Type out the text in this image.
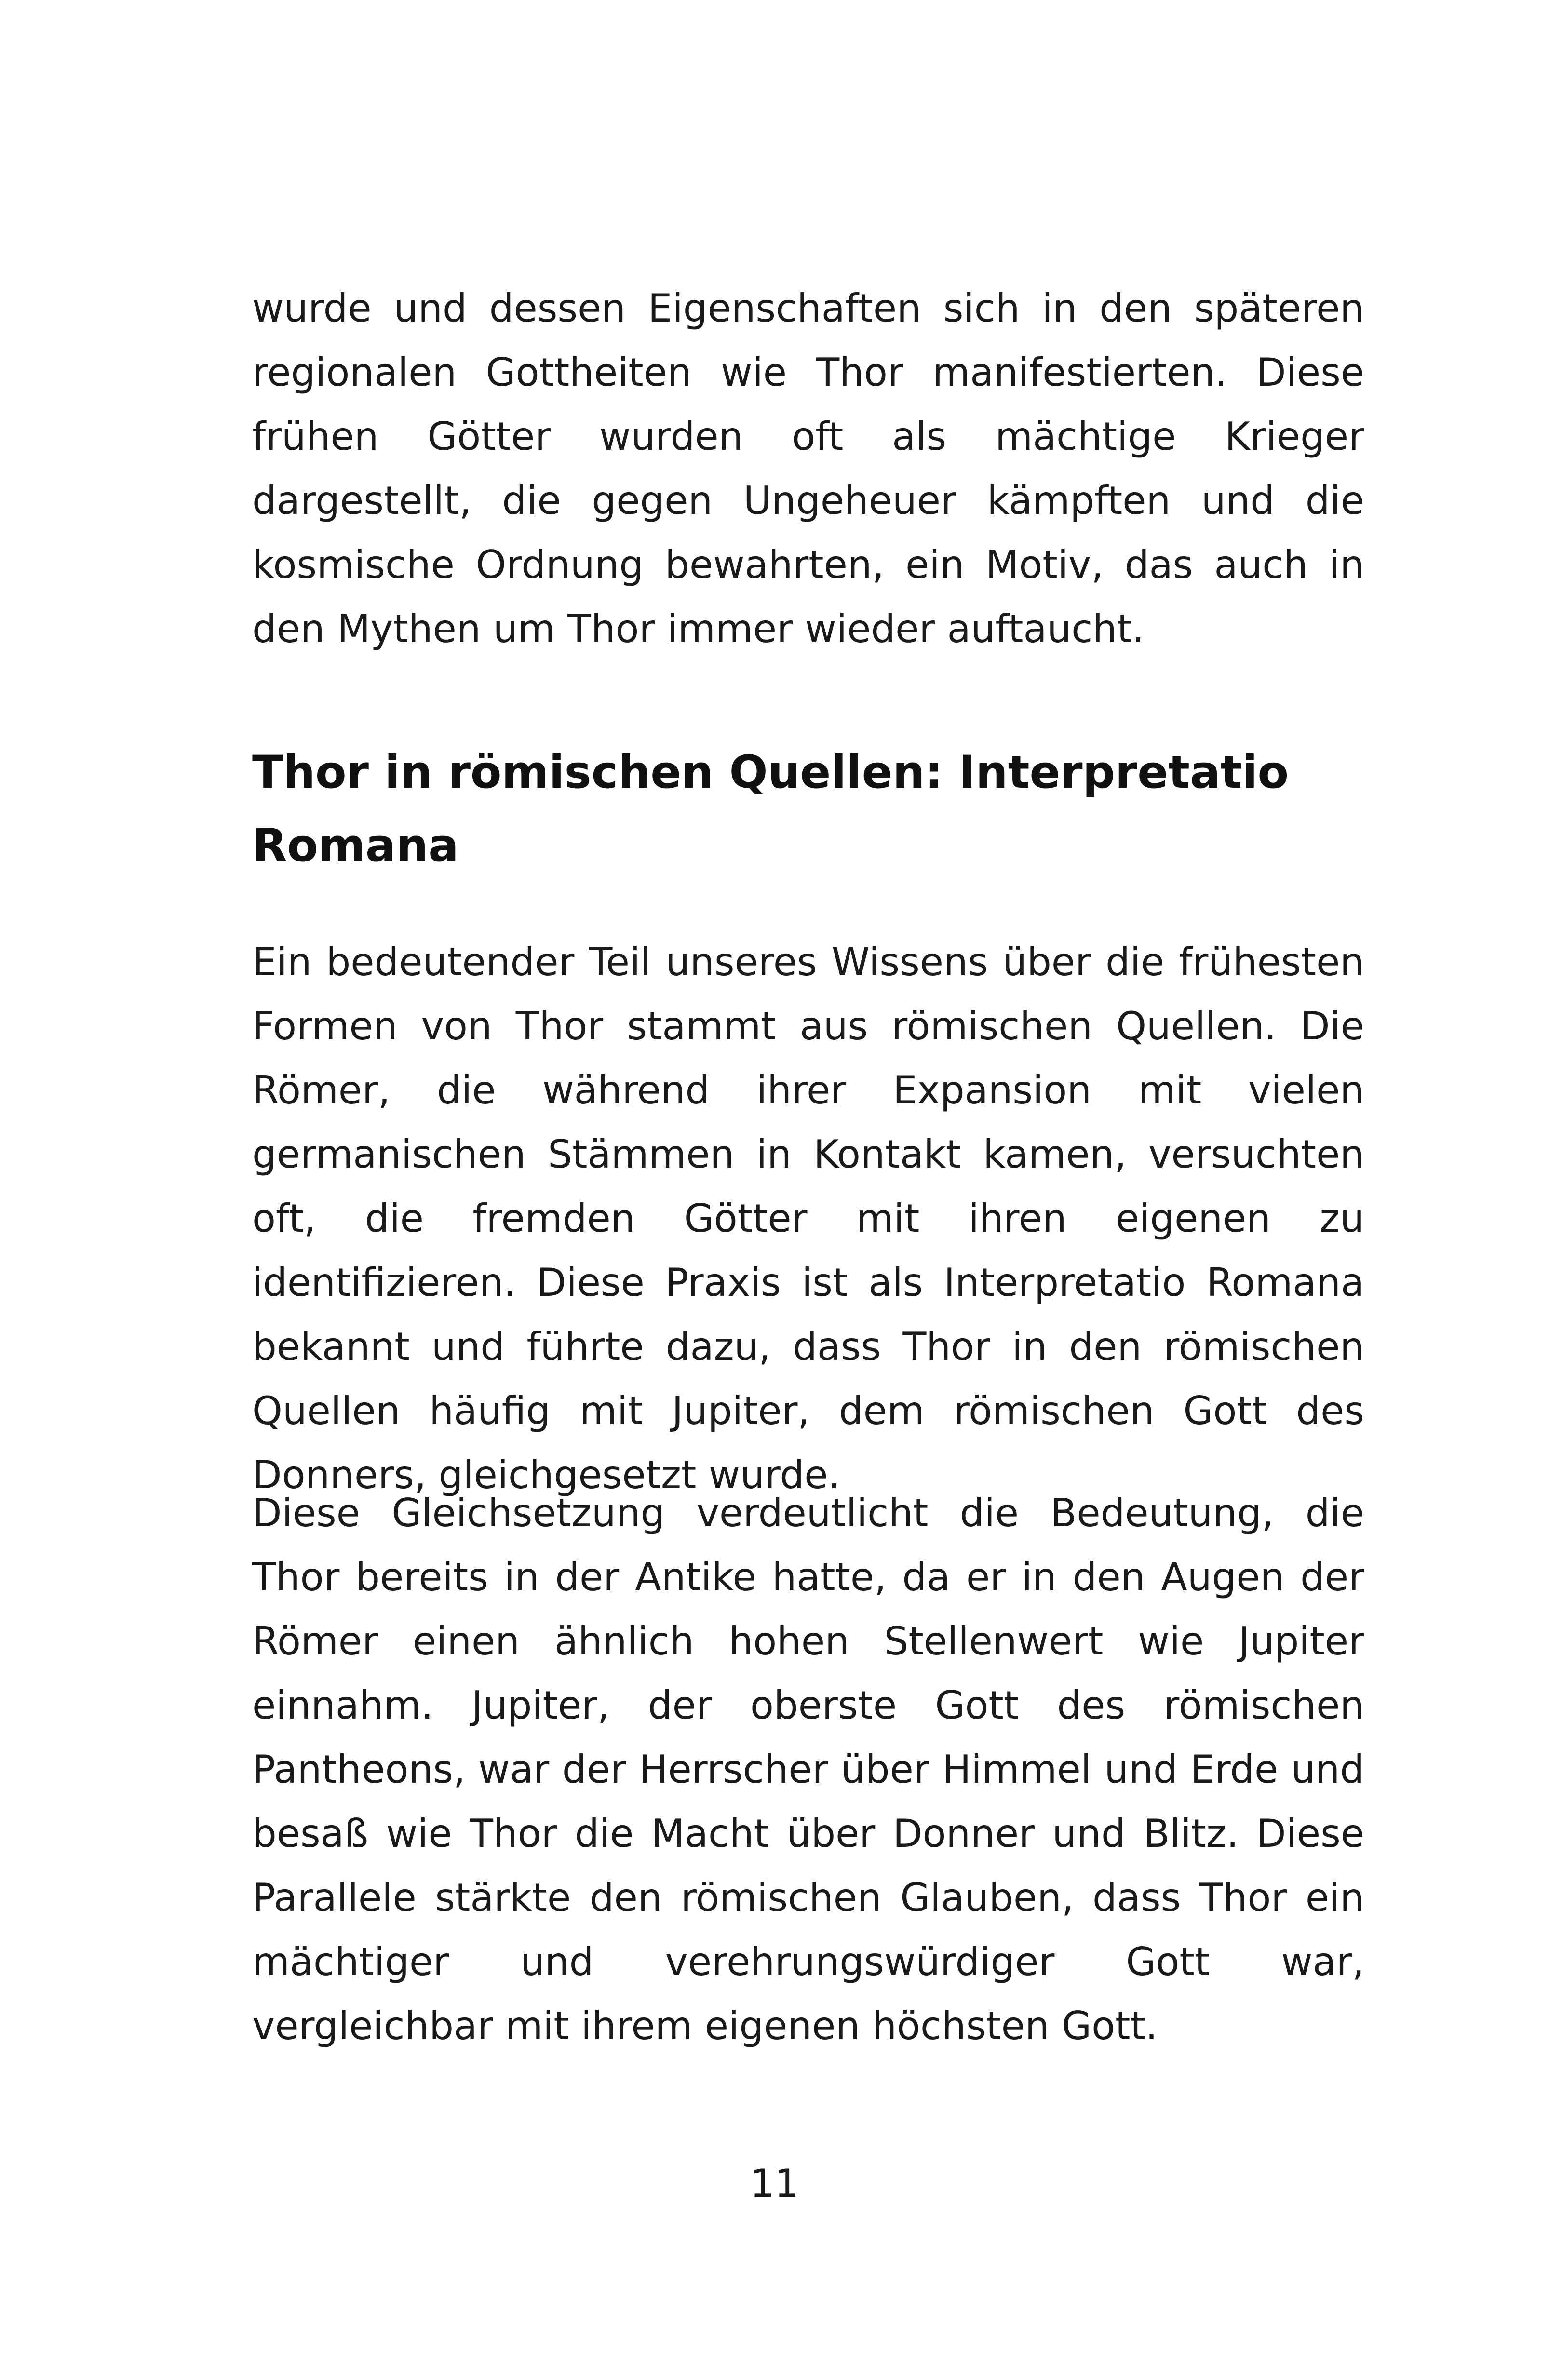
wurde und dessen Eigenschaften sich in den späteren regionalen Gottheiten wie Thor manifestierten. Diese frühen Götter wurden oft als mächtige Krieger dargestellt, die gegen Ungeheuer kämpften und die kosmische Ordnung bewahrten, ein Motiv, das auch in den Mythen um Thor immer wieder auftaucht.

Thor in römischen Quellen: Interpretatio Romana

Ein bedeutender Teil unseres Wissens über die frühesten Formen von Thor stammt aus römischen Quellen. Die Römer, die während ihrer Expansion mit vielen germanischen Stämmen in Kontakt kamen, versuchten oft, die fremden Götter mit ihren eigenen zu identifizieren. Diese Praxis ist als Interpretatio Romana bekannt und führte dazu, dass Thor in den römischen Quellen häufig mit Jupiter, dem römischen Gott des Donners, gleichgesetzt wurde.

Diese Gleichsetzung verdeutlicht die Bedeutung, die Thor bereits in der Antike hatte, da er in den Augen der Römer einen ähnlich hohen Stellenwert wie Jupiter einnahm. Jupiter, der oberste Gott des römischen Pantheons, war der Herrscher über Himmel und Erde und besaß wie Thor die Macht über Donner und Blitz. Diese Parallele stärkte den römischen Glauben, dass Thor ein mächtiger und verehrungswürdiger Gott war, vergleichbar mit ihrem eigenen höchsten Gott.

11
